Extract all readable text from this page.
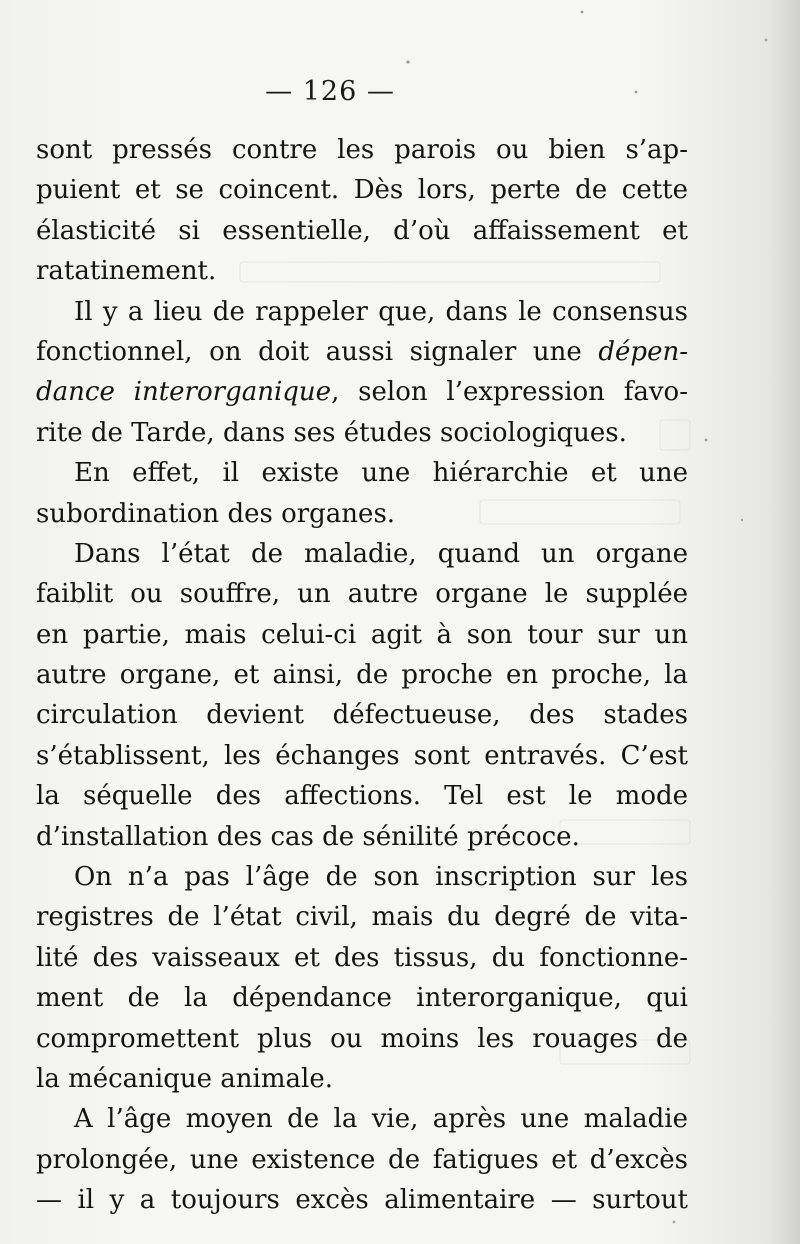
— 126 —
sont pressés contre les parois ou bien s’ap-
puient et se coincent. Dès lors, perte de cette
élasticité si essentielle, d’où affaissement et
ratatinement.
Il y a lieu de rappeler que, dans le consensus
fonctionnel, on doit aussi signaler une dépen-
dance interorganique, selon l’expression favo-
rite de Tarde, dans ses études sociologiques.
En effet, il existe une hiérarchie et une
subordination des organes.
Dans l’état de maladie, quand un organe
faiblit ou souffre, un autre organe le supplée
en partie, mais celui-ci agit à son tour sur un
autre organe, et ainsi, de proche en proche, la
circulation devient défectueuse, des stades
s’établissent, les échanges sont entravés. C’est
la séquelle des affections. Tel est le mode
d’installation des cas de sénilité précoce.
On n’a pas l’âge de son inscription sur les
registres de l’état civil, mais du degré de vita-
lité des vaisseaux et des tissus, du fonctionne-
ment de la dépendance interorganique, qui
compromettent plus ou moins les rouages de
la mécanique animale.
A l’âge moyen de la vie, après une maladie
prolongée, une existence de fatigues et d’excès
— il y a toujours excès alimentaire — surtout
